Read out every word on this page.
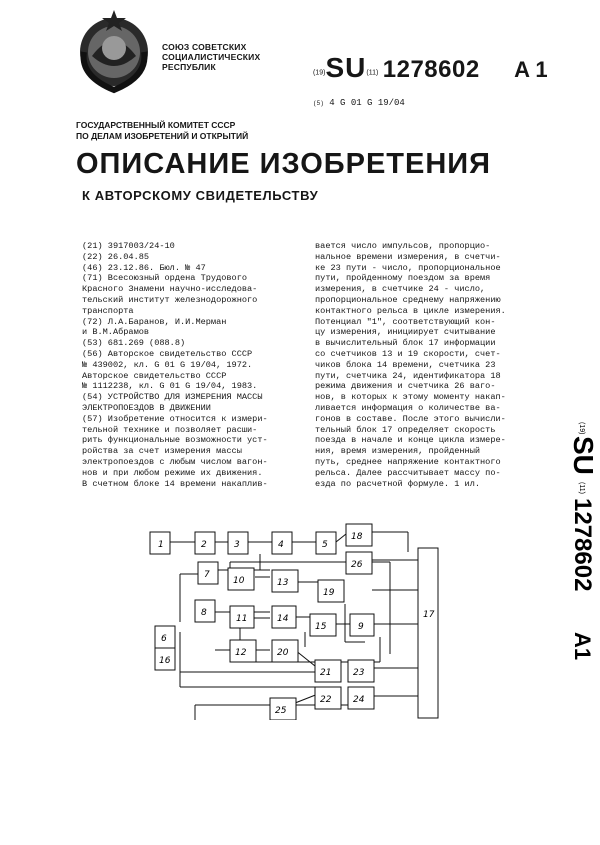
СОЮЗ СОВЕТСКИХ
СОЦИАЛИСТИЧЕСКИХ
РЕСПУБЛИК
(19)SU(11) 1278602 A 1
(5) 4 G 01 G 19/04
ГОСУДАРСТВЕННЫЙ КОМИТЕТ СССР
ПО ДЕЛАМ ИЗОБРЕТЕНИЙ И ОТКРЫТИЙ
ОПИСАНИЕ ИЗОБРЕТЕНИЯ
К АВТОРСКОМУ СВИДЕТЕЛЬСТВУ
(21) 3917003/24-10
(22) 26.04.85
(46) 23.12.86. Бюл. № 47
(71) Всесоюзный ордена Трудового
Красного Знамени научно-исследова-
тельский институт железнодорожного
транспорта
(72) Л.А.Баранов, И.И.Мерман
и В.М.Абрамов
(53) 681.269 (088.8)
(56) Авторское свидетельство СССР
№ 439002, кл. G 01 G 19/04, 1972.
Авторское свидетельство СССР
№ 1112238, кл. G 01 G 19/04, 1983.
(54) УСТРОЙСТВО ДЛЯ ИЗМЕРЕНИЯ МАССЫ
ЭЛЕКТРОПОЕЗДОВ В ДВИЖЕНИИ
(57) Изобретение относится к измери-
тельной технике и позволяет расши-
рить функциональные возможности уст-
ройства за счет измерения массы
электропоездов с любым числом вагон-
нов и при любом режиме их движения.
В счетном блоке 14 времени накаплив-
вается число импульсов, пропорцио-
нальное времени измерения, в счетчи-
ке 23 пути - число, пропорциональное
пути, пройденному поездом за время
измерения, в счетчике 24 - число,
пропорциональное среднему напряжению
контактного рельса в цикле измерения.
Потенциал "1", соответствующий кон-
цу измерения, инициирует считывание
в вычислительный блок 17 информации
со счетчиков 13 и 19 скорости, счет-
чиков блока 14 времени, счетчика 23
пути, счетчика 24, идентификатора 18
режима движения и счетчика 26 ваго-
нов, в которых к этому моменту накап-
ливается информация о количестве ва-
гонов в составе. После этого вычисли-
тельный блок 17 определяет скорость
поезда в начале и конце цикла измере-
ния, время измерения, пройденный
путь, среднее напряжение контактного
рельса. Далее рассчитывает массу по-
езда по расчетной формуле. 1 ил.
(19)
SU
(11)
1278602
A1
1	2	3	4	5
18
26
7
10	13
19
8
11	14
15	9
6
12	20
16
21 23
22 24
25
17
